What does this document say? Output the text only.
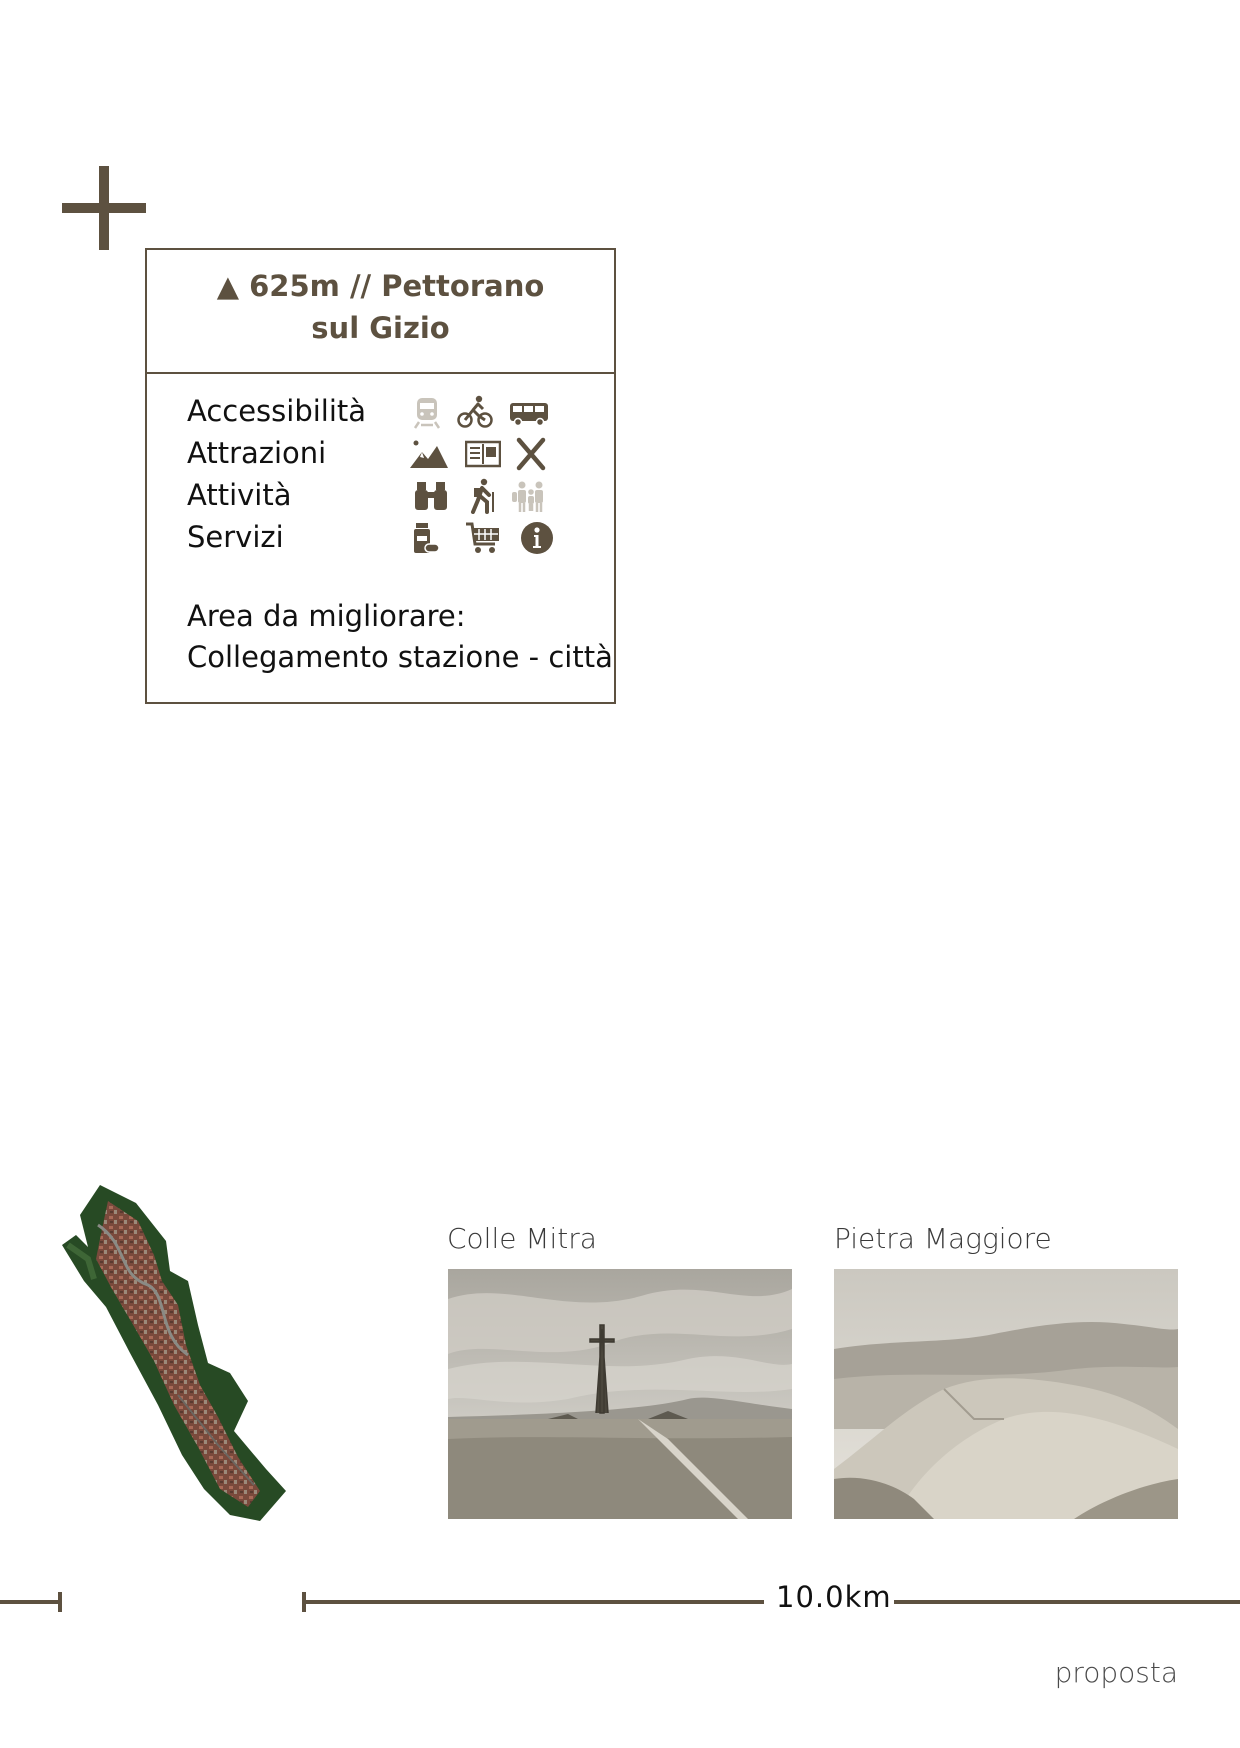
▲ 625m // Pettorano sul Gizio
Accessibilità
Attrazioni
Attività
Servizi
Area da migliorare:
Collegamento stazione - città
Colle Mitra	Pietra Maggiore
10.0km
proposta
